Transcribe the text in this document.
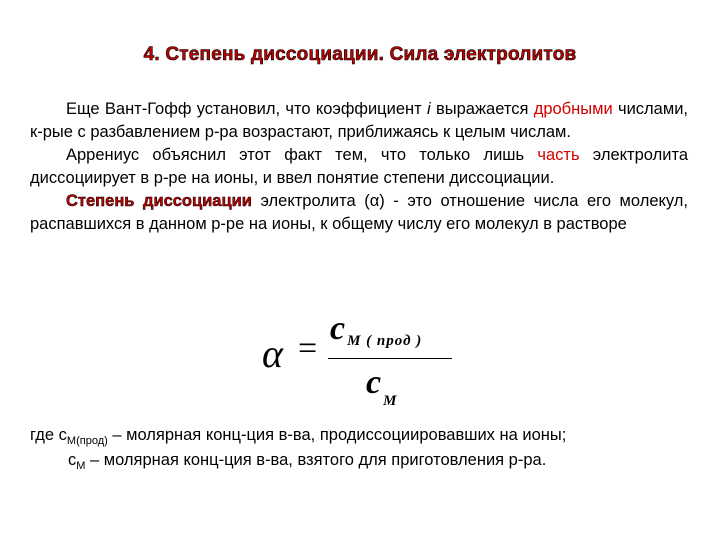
4. Степень диссоциации. Сила электролитов

Еще Вант-Гофф установил, что коэффициент i выражается дробными числами, к-рые с разбавлением р-ра возрастают, приближаясь к целым числам.

Аррениус объяснил этот факт тем, что только лишь часть электролита диссоциирует в р-ре на ионы, и ввел понятие степени диссоциации.

Степень диссоциации электролита (α) - это отношение числа его молекул, распавшихся в данном р-ре на ионы, к общему числу его молекул в растворе

α =
c M ( прод )
c M
где $с_{М(прод)}$ – молярная конц-ция в-ва, продиссоциировавших на ионы;
$с_М$ – молярная конц-ция в-ва, взятого для приготовления р-ра.
